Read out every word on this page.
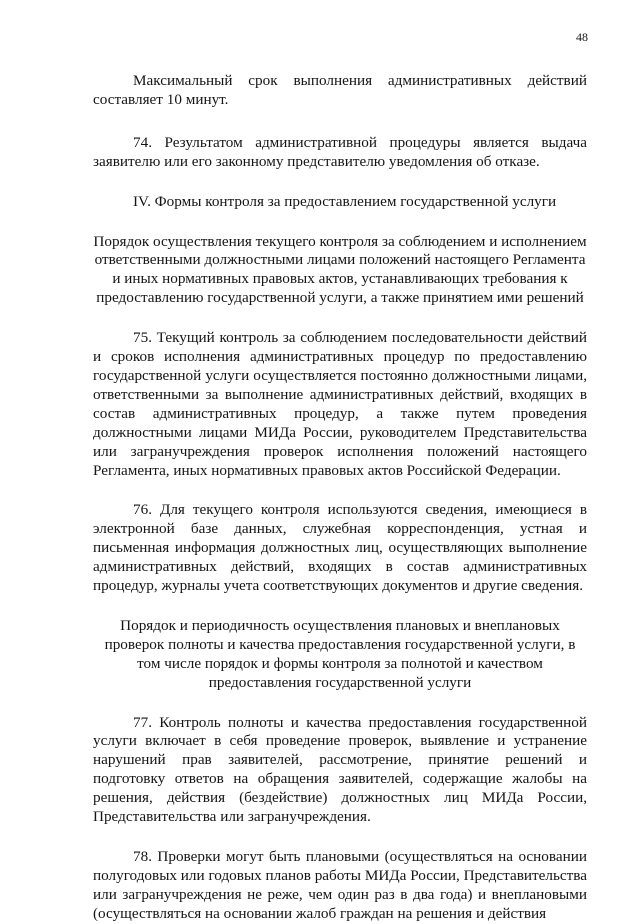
48

Максимальный срок выполнения административных действий составляет 10 минут.

74. Результатом административной процедуры является выдача заявителю или его законному представителю уведомления об отказе.

IV. Формы контроля за предоставлением государственной услуги

Порядок осуществления текущего контроля за соблюдением и исполнением ответственными должностными лицами положений настоящего Регламента и иных нормативных правовых актов, устанавливающих требования к предоставлению государственной услуги, а также принятием ими решений

75. Текущий контроль за соблюдением последовательности действий и сроков исполнения административных процедур по предоставлению государственной услуги осуществляется постоянно должностными лицами, ответственными за выполнение административных действий, входящих в состав административных процедур, а также путем проведения должностными лицами МИДа России, руководителем Представительства или загранучреждения проверок исполнения положений настоящего Регламента, иных нормативных правовых актов Российской Федерации.

76. Для текущего контроля используются сведения, имеющиеся в электронной базе данных, служебная корреспонденция, устная и письменная информация должностных лиц, осуществляющих выполнение административных действий, входящих в состав административных процедур, журналы учета соответствующих документов и другие сведения.

Порядок и периодичность осуществления плановых и внеплановых проверок полноты и качества предоставления государственной услуги, в том числе порядок и формы контроля за полнотой и качеством предоставления государственной услуги

77. Контроль полноты и качества предоставления государственной услуги включает в себя проведение проверок, выявление и устранение нарушений прав заявителей, рассмотрение, принятие решений и подготовку ответов на обращения заявителей, содержащие жалобы на решения, действия (бездействие) должностных лиц МИДа России, Представительства или загранучреждения.

78. Проверки могут быть плановыми (осуществляться на основании полугодовых или годовых планов работы МИДа России, Представительства или загранучреждения не реже, чем один раз в два года) и внеплановыми (осуществляться на основании жалоб граждан на решения и действия
